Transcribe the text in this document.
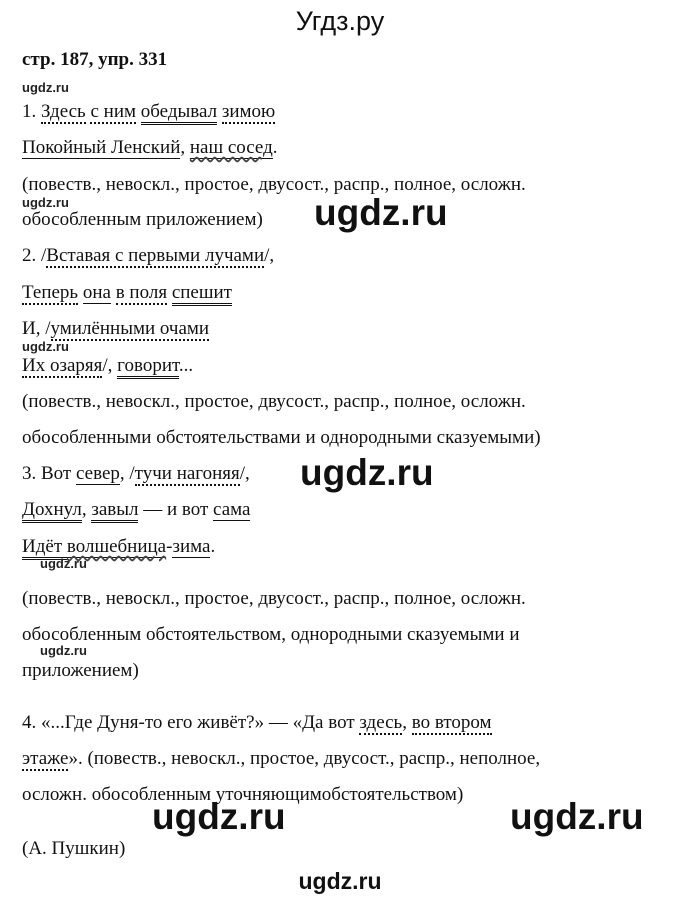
Угдз.ру
стр. 187, упр. 331
ugdz.ru
1. Здесь с ним обедывал зимою
Покойный Ленский, наш сосед.
(повеств., невоскл., простое, двусост., распр., полное, осложн.
ugdz.ru
обособленным приложением) ugdz.ru
2. /Вставая с первыми лучами/,
Теперь она в поля спешит
И, /умилёнными очами
ugdz.ru
Их озаряя/, говорит...
(повеств., невоскл., простое, двусост., распр., полное, осложн.
обособленными обстоятельствами и однородными сказуемыми)
3. Вот север, /тучи нагоняя/, ugdz.ru
Дохнул, завыл — и вот сама
Идёт волшебница-зима.
ugdz.ru
(повеств., невоскл., простое, двусост., распр., полное, осложн.
обособленным обстоятельством, однородными сказуемыми и
ugdz.ru
приложением)
4. «...Где Дуня-то его живёт?» — «Да вот здесь, во втором
этаже». (повеств., невоскл., простое, двусост., распр., неполное,
осложн. обособленным уточняющимобстоятельством)
ugdz.ru	ugdz.ru
(А. Пушкин)
ugdz.ru
